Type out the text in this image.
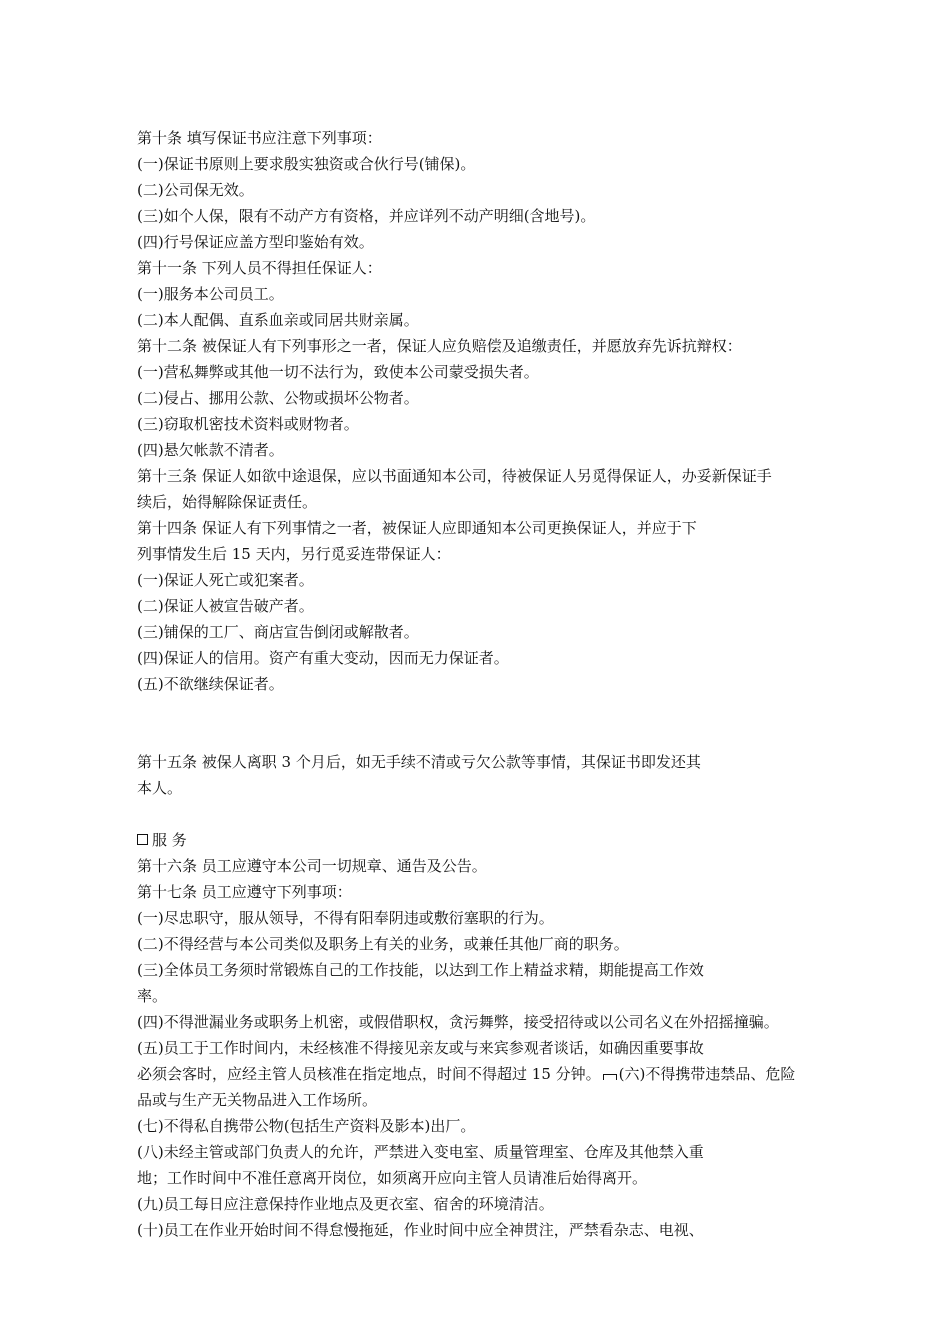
第十条 填写保证书应注意下列事项：
(一)保证书原则上要求殷实独资或合伙行号(铺保)。
(二)公司保无效。
(三)如个人保，限有不动产方有资格，并应详列不动产明细(含地号)。
(四)行号保证应盖方型印鉴始有效。
第十一条 下列人员不得担任保证人：
(一)服务本公司员工。
(二)本人配偶、直系血亲或同居共财亲属。
第十二条 被保证人有下列事形之一者，保证人应负赔偿及追缴责任，并愿放弃先诉抗辩权：
(一)营私舞弊或其他一切不法行为，致使本公司蒙受损失者。
(二)侵占、挪用公款、公物或损坏公物者。
(三)窃取机密技术资料或财物者。
(四)悬欠帐款不清者。
第十三条 保证人如欲中途退保，应以书面通知本公司，待被保证人另觅得保证人，办妥新保证手
续后，始得解除保证责任。
第十四条 保证人有下列事情之一者，被保证人应即通知本公司更换保证人，并应于下
列事情发生后 15 天内，另行觅妥连带保证人：
(一)保证人死亡或犯案者。
(二)保证人被宣告破产者。
(三)铺保的工厂、商店宣告倒闭或解散者。
(四)保证人的信用。资产有重大变动，因而无力保证者。
(五)不欲继续保证者。
第十五条 被保人离职 3 个月后，如无手续不清或亏欠公款等事情，其保证书即发还其
本人。
服 务
第十六条 员工应遵守本公司一切规章、通告及公告。
第十七条 员工应遵守下列事项：
(一)尽忠职守，服从领导，不得有阳奉阴违或敷衍塞职的行为。
(二)不得经营与本公司类似及职务上有关的业务，或兼任其他厂商的职务。
(三)全体员工务须时常锻炼自己的工作技能，以达到工作上精益求精，期能提高工作效
率。
(四)不得泄漏业务或职务上机密，或假借职权，贪污舞弊，接受招待或以公司名义在外招摇撞骗。
(五)员工于工作时间内，未经核准不得接见亲友或与来宾参观者谈话，如确因重要事故
必须会客时，应经主管人员核准在指定地点，时间不得超过 15 分钟。 (六)不得携带违禁品、危险
品或与生产无关物品进入工作场所。
(七)不得私自携带公物(包括生产资料及影本)出厂。
(八)未经主管或部门负责人的允许，严禁进入变电室、质量管理室、仓库及其他禁入重
地；工作时间中不准任意离开岗位，如须离开应向主管人员请准后始得离开。
(九)员工每日应注意保持作业地点及更衣室、宿舍的环境清洁。
(十)员工在作业开始时间不得怠慢拖延，作业时间中应全神贯注，严禁看杂志、电视、
